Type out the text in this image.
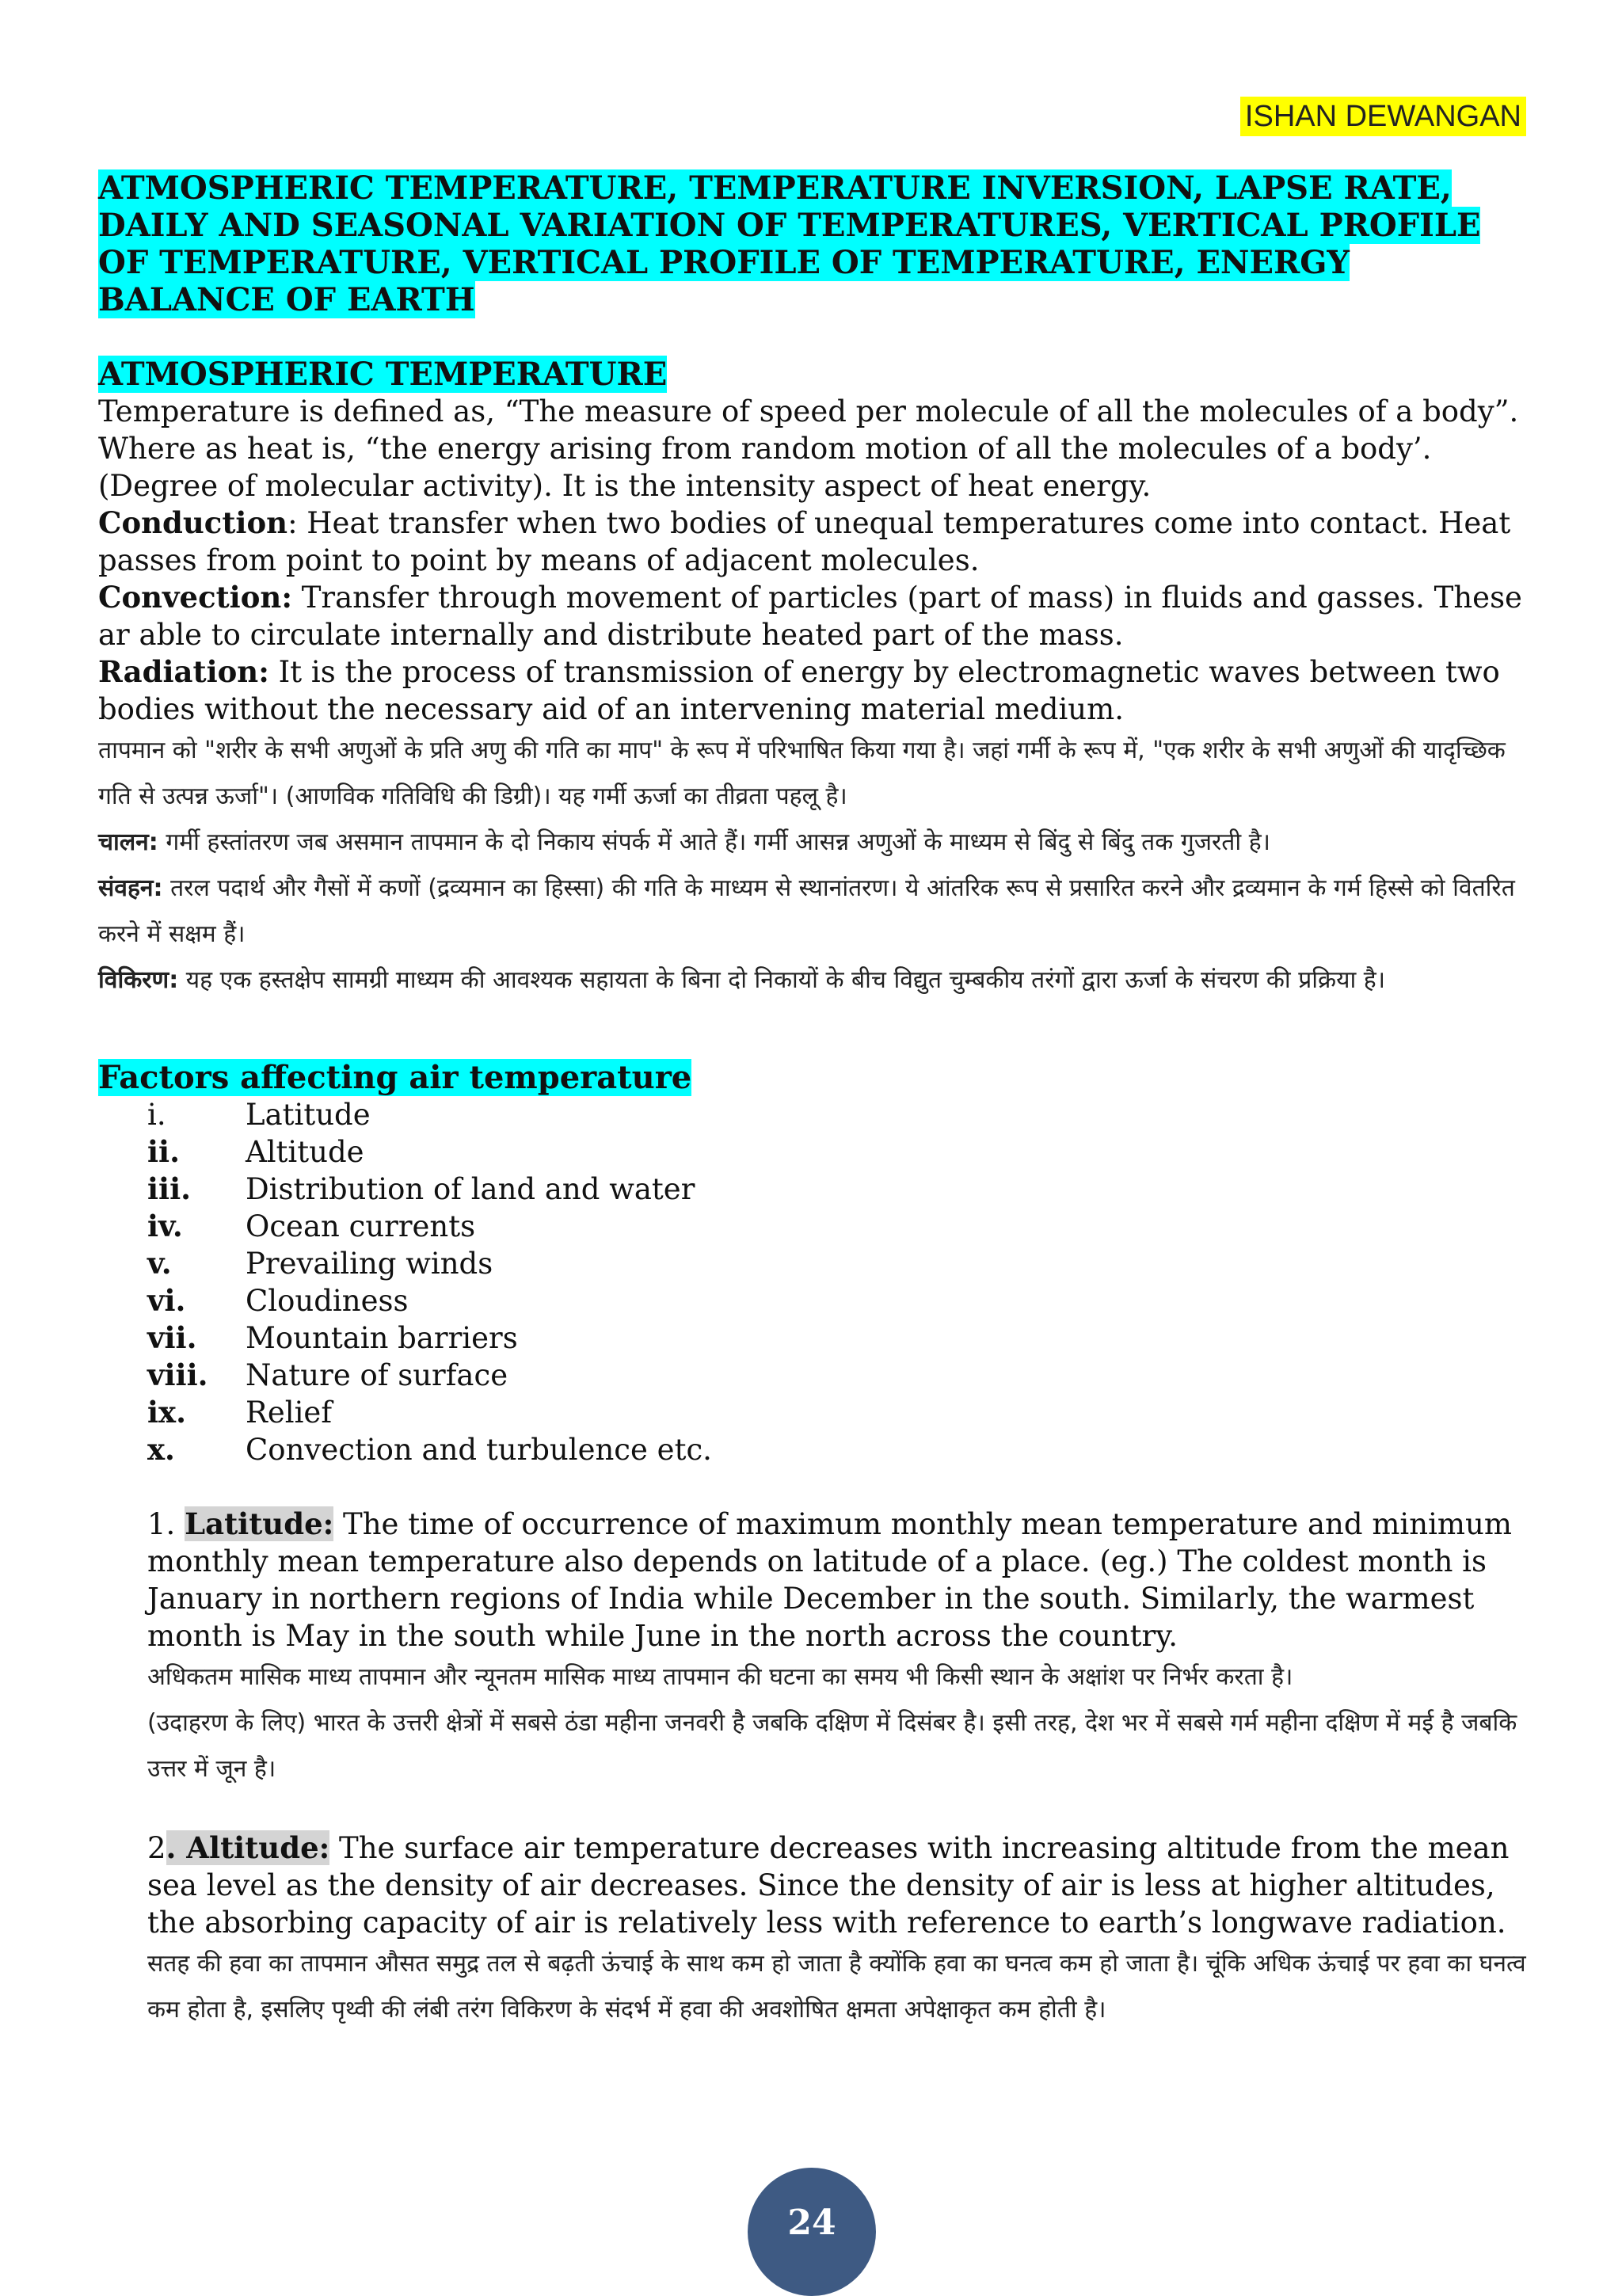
ISHAN DEWANGAN

ATMOSPHERIC TEMPERATURE, TEMPERATURE INVERSION, LAPSE RATE, DAILY AND SEASONAL VARIATION OF TEMPERATURES, VERTICAL PROFILE OF TEMPERATURE, VERTICAL PROFILE OF TEMPERATURE, ENERGY BALANCE OF EARTH

ATMOSPHERIC TEMPERATURE

Temperature is defined as, “The measure of speed per molecule of all the molecules of a body”. Where as heat is, “the energy arising from random motion of all the molecules of a body’. (Degree of molecular activity). It is the intensity aspect of heat energy.

Conduction: Heat transfer when two bodies of unequal temperatures come into contact. Heat passes from point to point by means of adjacent molecules.

Convection: Transfer through movement of particles (part of mass) in fluids and gasses. These ar able to circulate internally and distribute heated part of the mass.

Radiation: It is the process of transmission of energy by electromagnetic waves between two bodies without the necessary aid of an intervening material medium.

तापमान को "शरीर के सभी अणुओं के प्रति अणु की गति का माप" के रूप में परिभाषित किया गया है। जहां गर्मी के रूप में, "एक शरीर के सभी अणुओं की यादृच्छिक गति से उत्पन्न ऊर्जा"। (आणविक गतिविधि की डिग्री)। यह गर्मी ऊर्जा का तीव्रता पहलू है।

चालन: गर्मी हस्तांतरण जब असमान तापमान के दो निकाय संपर्क में आते हैं। गर्मी आसन्न अणुओं के माध्यम से बिंदु से बिंदु तक गुजरती है।

संवहन: तरल पदार्थ और गैसों में कणों (द्रव्यमान का हिस्सा) की गति के माध्यम से स्थानांतरण। ये आंतरिक रूप से प्रसारित करने और द्रव्यमान के गर्म हिस्से को वितरित करने में सक्षम हैं।

विकिरण: यह एक हस्तक्षेप सामग्री माध्यम की आवश्यक सहायता के बिना दो निकायों के बीच विद्युत चुम्बकीय तरंगों द्वारा ऊर्जा के संचरण की प्रक्रिया है।

Factors affecting air temperature

i.	Latitude
ii.	Altitude
iii.	Distribution of land and water
iv.	Ocean currents
v.	Prevailing winds
vi.	Cloudiness
vii.	Mountain barriers
viii.	Nature of surface
ix.	Relief
x.	Convection and turbulence etc.

1. Latitude: The time of occurrence of maximum monthly mean temperature and minimum monthly mean temperature also depends on latitude of a place. (eg.) The coldest month is January in northern regions of India while December in the south. Similarly, the warmest month is May in the south while June in the north across the country.

अधिकतम मासिक माध्य तापमान और न्यूनतम मासिक माध्य तापमान की घटना का समय भी किसी स्थान के अक्षांश पर निर्भर करता है।

(उदाहरण के लिए) भारत के उत्तरी क्षेत्रों में सबसे ठंडा महीना जनवरी है जबकि दक्षिण में दिसंबर है। इसी तरह, देश भर में सबसे गर्म महीना दक्षिण में मई है जबकि उत्तर में जून है।

2. Altitude: The surface air temperature decreases with increasing altitude from the mean sea level as the density of air decreases. Since the density of air is less at higher altitudes, the absorbing capacity of air is relatively less with reference to earth’s longwave radiation.

सतह की हवा का तापमान औसत समुद्र तल से बढ़ती ऊंचाई के साथ कम हो जाता है क्योंकि हवा का घनत्व कम हो जाता है। चूंकि अधिक ऊंचाई पर हवा का घनत्व कम होता है, इसलिए पृथ्वी की लंबी तरंग विकिरण के संदर्भ में हवा की अवशोषित क्षमता अपेक्षाकृत कम होती है।

24
